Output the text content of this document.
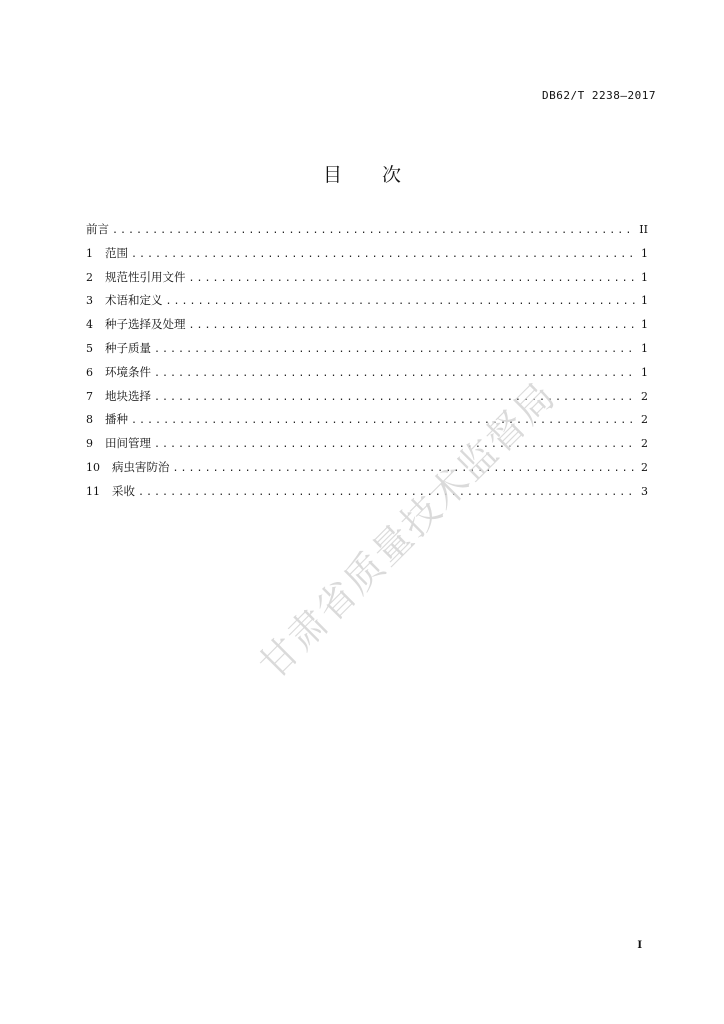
DB62/T 2238—2017
目 次
前言 .....	II
1	范围 .....	1
2	规范性引用文件 .....	1
3	术语和定义 .....	1
4	种子选择及处理 .....	1
5	种子质量 .....	1
6	环境条件 .....	1
7	地块选择 .....	2
8	播种 .....	2
9	田间管理 .....	2
10	病虫害防治 .....	2
11	采收 .....	3
甘肃省质量技术监督局
I
